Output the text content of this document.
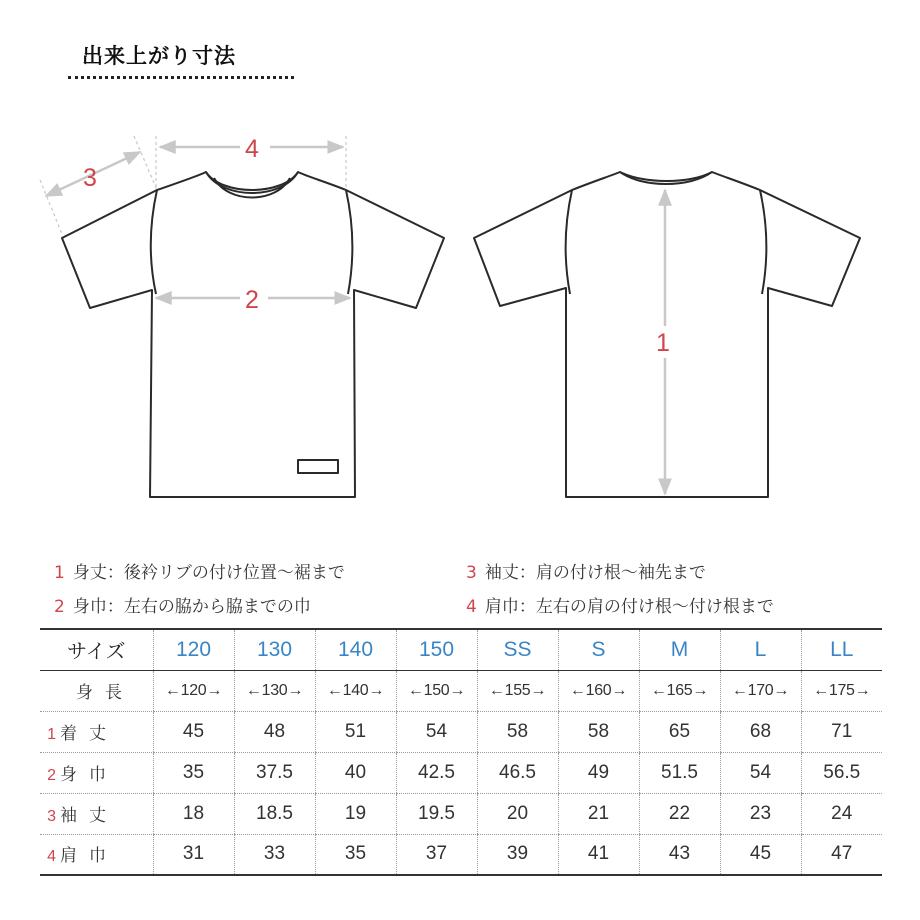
出来上がり寸法
4
2
3
1
1 身丈：後衿リブの付け位置〜裾まで
2 身巾：左右の脇から脇までの巾
3 袖丈：肩の付け根〜袖先まで
4 肩巾：左右の肩の付け根〜付け根まで
サイズ	120	130	140	150	SS	S	M	L	LL
身長	←120→	←130→	←140→	←150→	←155→	←160→	←165→	←170→	←175→
1 着丈	45	48	51	54	58	58	65	68	71
2 身巾	35	37.5	40	42.5	46.5	49	51.5	54	56.5
3 袖丈	18	18.5	19	19.5	20	21	22	23	24
4 肩巾	31	33	35	37	39	41	43	45	47
